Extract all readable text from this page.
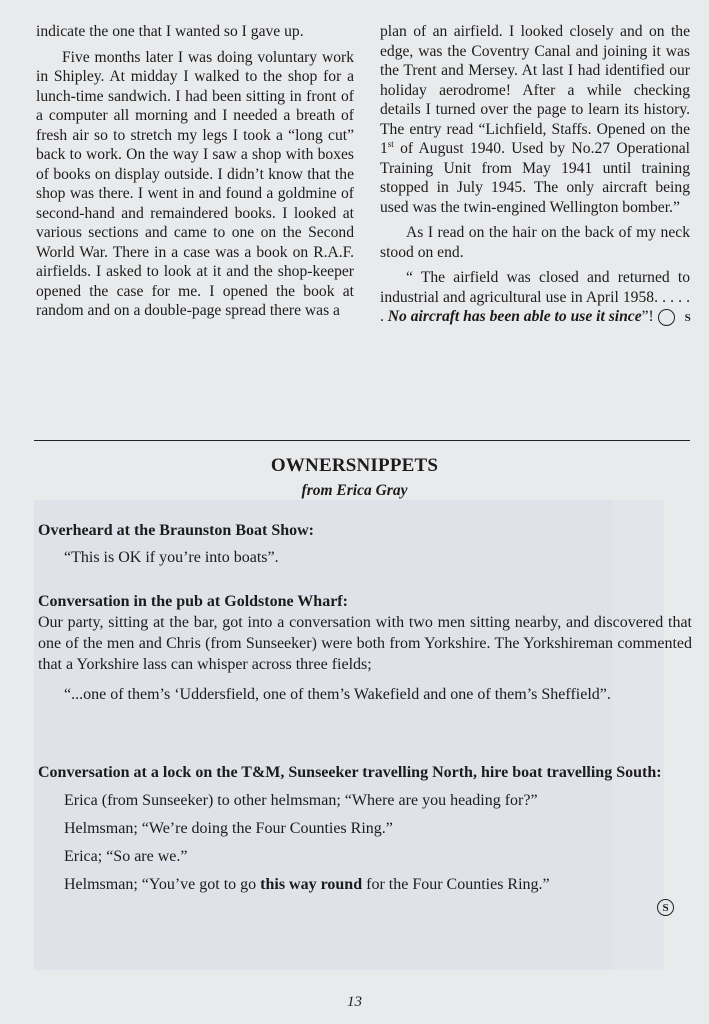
indicate the one that I wanted so I gave up.

Five months later I was doing voluntary work in Shipley. At midday I walked to the shop for a lunch-time sandwich. I had been sitting in front of a computer all morning and I needed a breath of fresh air so to stretch my legs I took a “long cut” back to work. On the way I saw a shop with boxes of books on display outside. I didn’t know that the shop was there. I went in and found a goldmine of second-hand and remaindered books. I looked at various sections and came to one on the Second World War. There in a case was a book on R.A.F. airfields. I asked to look at it and the shop-keeper opened the case for me. I opened the book at random and on a double-page spread there was a

plan of an airfield. I looked closely and on the edge, was the Coventry Canal and joining it was the Trent and Mersey. At last I had identified our holiday aerodrome! After a while checking details I turned over the page to learn its history. The entry read “Lichfield, Staffs. Opened on the 1st of August 1940. Used by No.27 Operational Training Unit from May 1941 until training stopped in July 1945. The only aircraft being used was the twin-engined Wellington bomber.”

As I read on the hair on the back of my neck stood on end.

“ The airfield was closed and returned to industrial and agricultural use in April 1958. . . . . . No aircraft has been able to use it since”! S

OWNERSNIPPETS
from Erica Gray
Overheard at the Braunston Boat Show:
“This is OK if you’re into boats”.
Conversation in the pub at Goldstone Wharf:
Our party, sitting at the bar, got into a conversation with two men sitting nearby, and discovered that one of the men and Chris (from Sunseeker) were both from Yorkshire. The Yorkshireman commented that a Yorkshire lass can whisper across three fields;
“...one of them’s ‘Uddersfield, one of them’s Wakefield and one of them’s Sheffield”.
Conversation at a lock on the T&M, Sunseeker travelling North, hire boat travelling South:
Erica (from Sunseeker) to other helmsman; “Where are you heading for?”
Helmsman; “We’re doing the Four Counties Ring.”
Erica; “So are we.”
Helmsman; “You’ve got to go this way round for the Four Counties Ring.”
S
13
